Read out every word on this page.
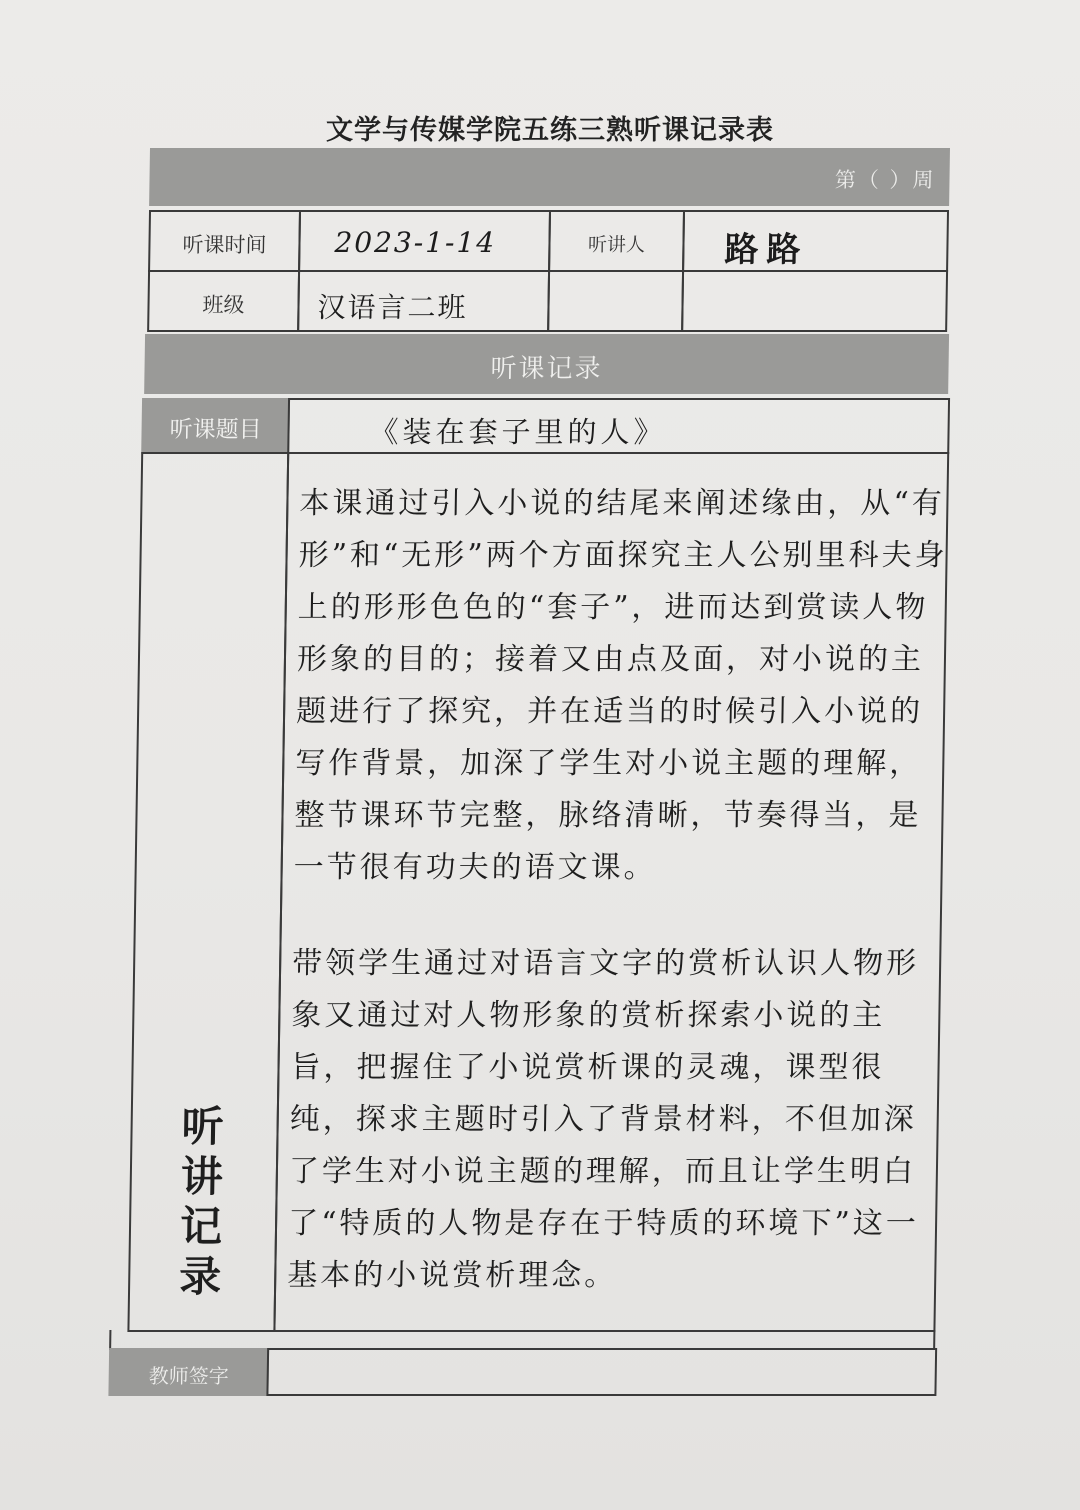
文学与传媒学院五练三熟听课记录表
第（ ）周
听课时间	2023-1-14	听讲人	路路
班级	汉语言二班
听课记录
听课题目	《装在套子里的人》
听讲记录
本课通过引入小说的结尾来阐述缘由，从“有形”和“无形”两个方面探究主人公别里科夫身上的形形色色的“套子”，进而达到赏读人物形象的目的；接着又由点及面，对小说的主题进行了探究，并在适当的时候引入小说的写作背景，加深了学生对小说主题的理解，整节课环节完整，脉络清晰，节奏得当，是一节很有功夫的语文课。
带领学生通过对语言文字的赏析认识人物形象又通过对人物形象的赏析探索小说的主旨，把握住了小说赏析课的灵魂，课型很纯，探求主题时引入了背景材料，不但加深了学生对小说主题的理解，而且让学生明白了“特质的人物是存在于特质的环境下”这一基本的小说赏析理念。
教师签字
